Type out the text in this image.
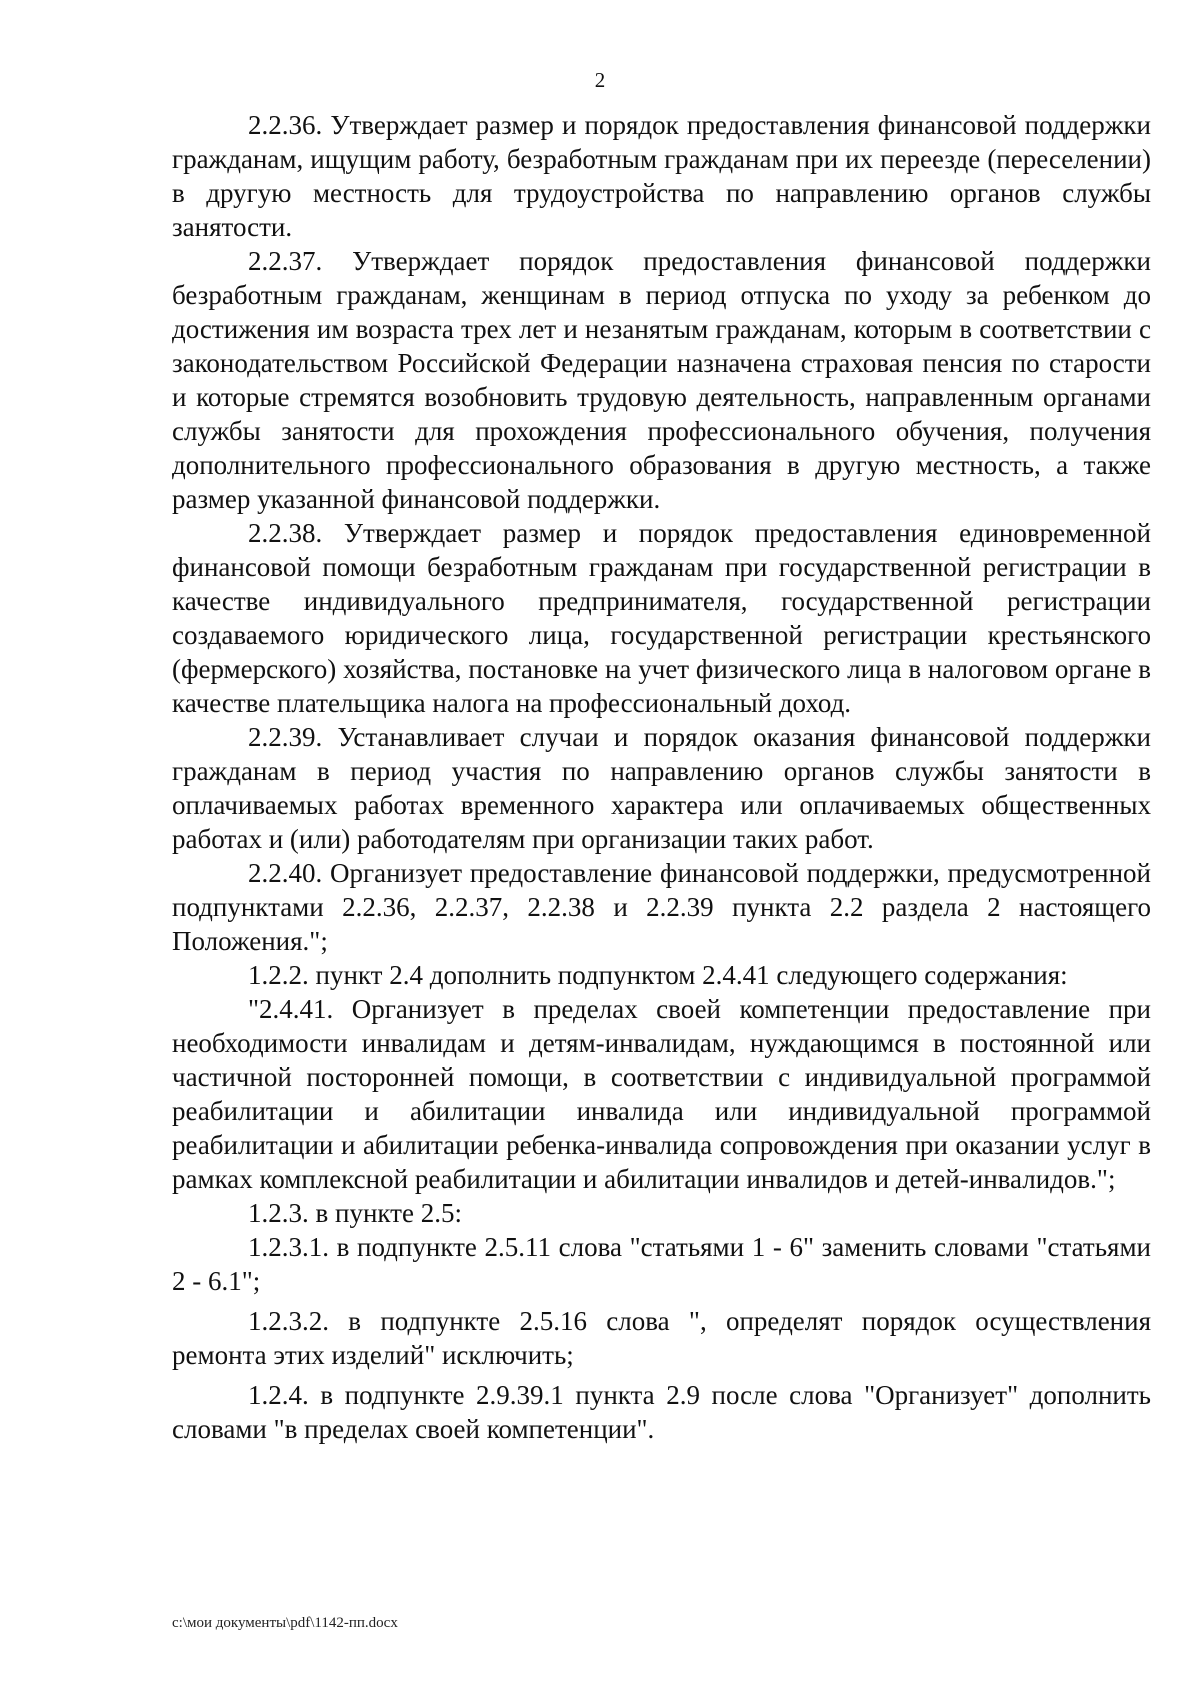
2

2.2.36. Утверждает размер и порядок предоставления финансовой поддержки гражданам, ищущим работу, безработным гражданам при их переезде (переселении) в другую местность для трудоустройства по направлению органов службы занятости.

2.2.37. Утверждает порядок предоставления финансовой поддержки безработным гражданам, женщинам в период отпуска по уходу за ребенком до достижения им возраста трех лет и незанятым гражданам, которым в соответствии с законодательством Российской Федерации назначена страховая пенсия по старости и которые стремятся возобновить трудовую деятельность, направленным органами службы занятости для прохождения профессионального обучения, получения дополнительного профессионального образования в другую местность, а также размер указанной финансовой поддержки.

2.2.38. Утверждает размер и порядок предоставления единовременной финансовой помощи безработным гражданам при государственной регистрации в качестве индивидуального предпринимателя, государственной регистрации создаваемого юридического лица, государственной регистрации крестьянского (фермерского) хозяйства, постановке на учет физического лица в налоговом органе в качестве плательщика налога на профессиональный доход.

2.2.39. Устанавливает случаи и порядок оказания финансовой поддержки гражданам в период участия по направлению органов службы занятости в оплачиваемых работах временного характера или оплачиваемых общественных работах и (или) работодателям при организации таких работ.

2.2.40. Организует предоставление финансовой поддержки, предусмотренной подпунктами 2.2.36, 2.2.37, 2.2.38 и 2.2.39 пункта 2.2 раздела 2 настоящего Положения.";

1.2.2. пункт 2.4 дополнить подпунктом 2.4.41 следующего содержания:

"2.4.41. Организует в пределах своей компетенции предоставление при необходимости инвалидам и детям-инвалидам, нуждающимся в постоянной или частичной посторонней помощи, в соответствии с индивидуальной программой реабилитации и абилитации инвалида или индивидуальной программой реабилитации и абилитации ребенка-инвалида сопровождения при оказании услуг в рамках комплексной реабилитации и абилитации инвалидов и детей-инвалидов.";

1.2.3. в пункте 2.5:

1.2.3.1. в подпункте 2.5.11 слова "статьями 1 - 6" заменить словами "статьями 2 - 6.1";

1.2.3.2. в подпункте 2.5.16 слова ", определят порядок осуществления ремонта этих изделий" исключить;

1.2.4. в подпункте 2.9.39.1 пункта 2.9 после слова "Организует" дополнить словами "в пределах своей компетенции".

c:\мои документы\pdf\1142-пп.docx
